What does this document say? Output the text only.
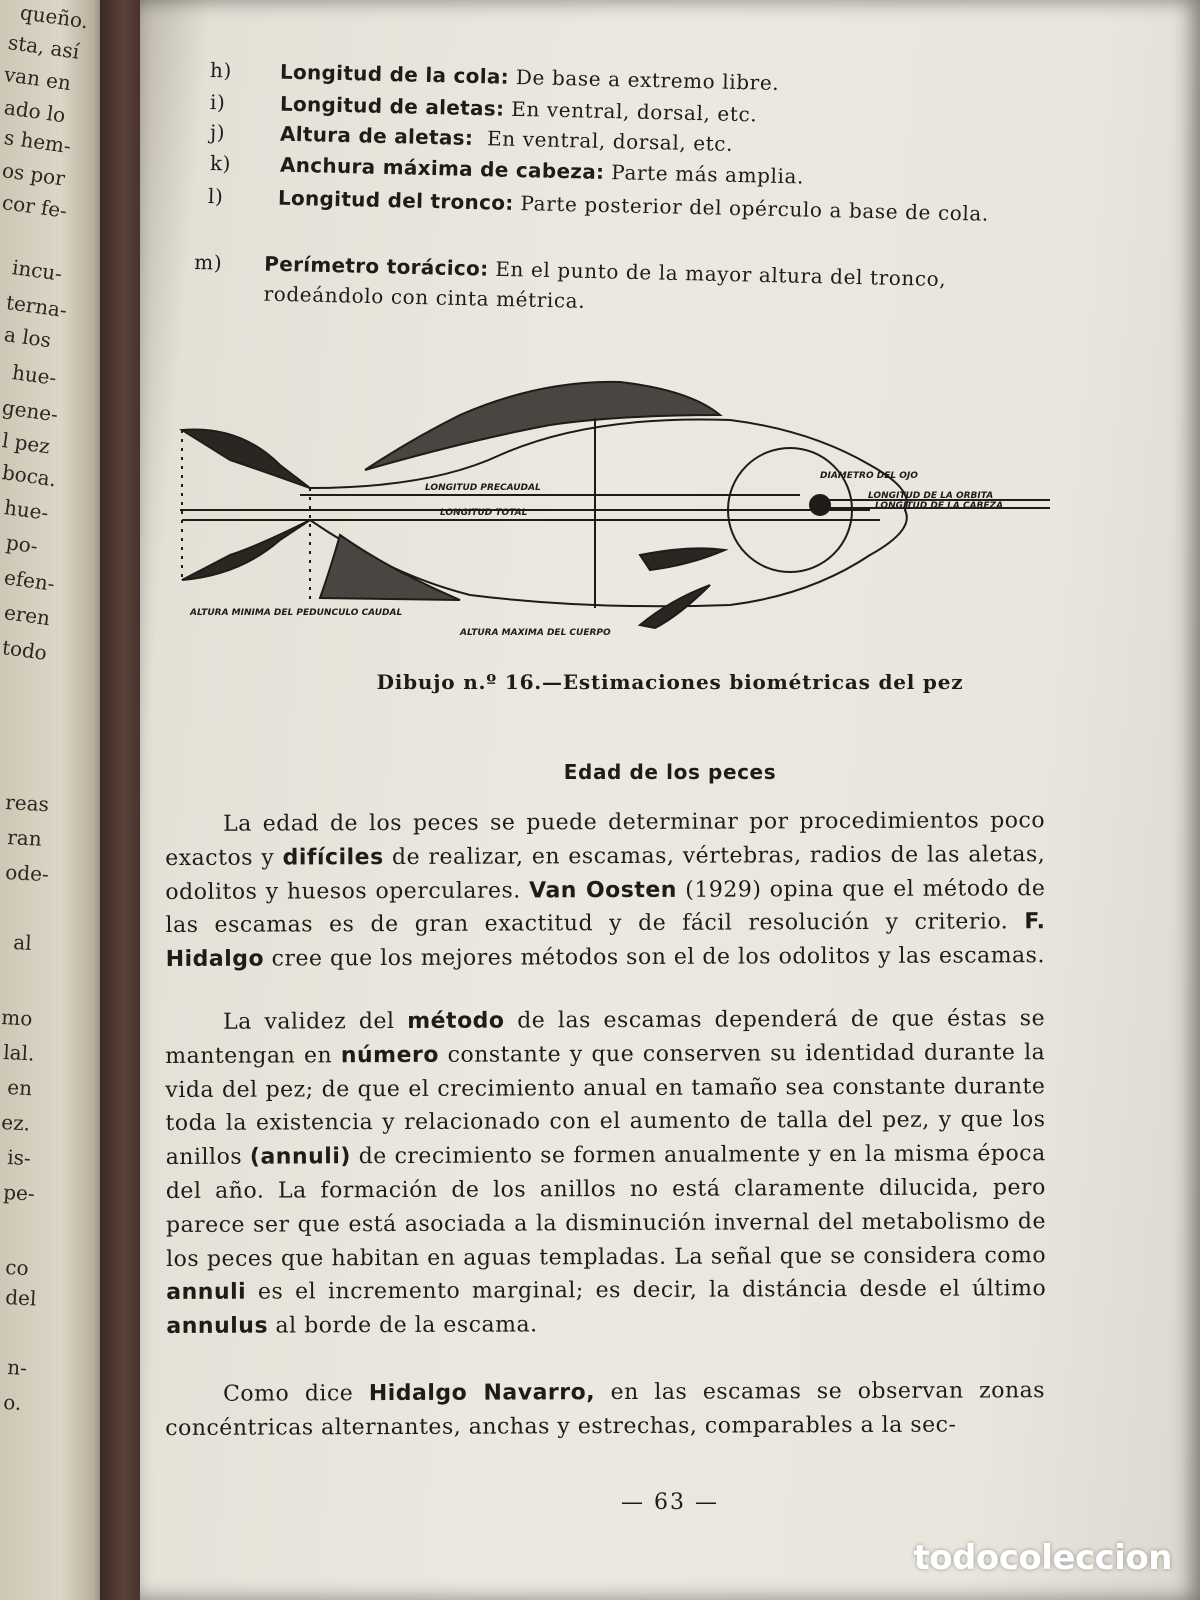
queño.
sta, así
van en
ado lo
s hem-
os por
cor fe-
incu-
terna-
a los
hue-
gene-
l pez
boca.
hue-
po-
efen-
eren
todo
reas
ran
ode-
al
mo
lal.
en
ez.
is-
pe-
co
del
n-
o.
h)	Longitud de la cola: De base a extremo libre.
i)	Longitud de aletas: En ventral, dorsal, etc.
j)	Altura de aletas:  En ventral, dorsal, etc.
k)	Anchura máxima de cabeza: Parte más amplia.
l)	Longitud del tronco: Parte posterior del opérculo a base de cola.
m)	Perímetro torácico: En el punto de la mayor altura del tronco, rodeándolo con cinta métrica.
LONGITUD PRECAUDAL
LONGITUD TOTAL
DIAMETRO DEL OJO
LONGITUD DE LA ORBITA
LONGITUD DE LA CABEZA
ALTURA MINIMA DEL PEDUNCULO CAUDAL
ALTURA MAXIMA DEL CUERPO
Dibujo n.º 16.—Estimaciones biométricas del pez
Edad de los peces
La edad de los peces se puede determinar por procedimientos poco exactos y difíciles de realizar, en escamas, vértebras, radios de las aletas, odolitos y huesos operculares. Van Oosten (1929) opina que el método de las escamas es de gran exactitud y de fácil resolución y criterio. F. Hidalgo cree que los mejores métodos son el de los odolitos y las escamas.
La validez del método de las escamas dependerá de que éstas se mantengan en número constante y que conserven su identidad durante la vida del pez; de que el crecimiento anual en tamaño sea constante durante toda la existencia y relacionado con el aumento de talla del pez, y que los anillos (annuli) de crecimiento se formen anualmente y en la misma época del año. La formación de los anillos no está claramente dilucida, pero parece ser que está asociada a la disminución invernal del metabolismo de los peces que habitan en aguas templadas. La señal que se considera como annuli es el incremento marginal; es decir, la distáncia desde el último annulus al borde de la escama.
Como dice Hidalgo Navarro, en las escamas se observan zonas concéntricas alternantes, anchas y estrechas, comparables a la sec-
— 63 —
todocoleccion
